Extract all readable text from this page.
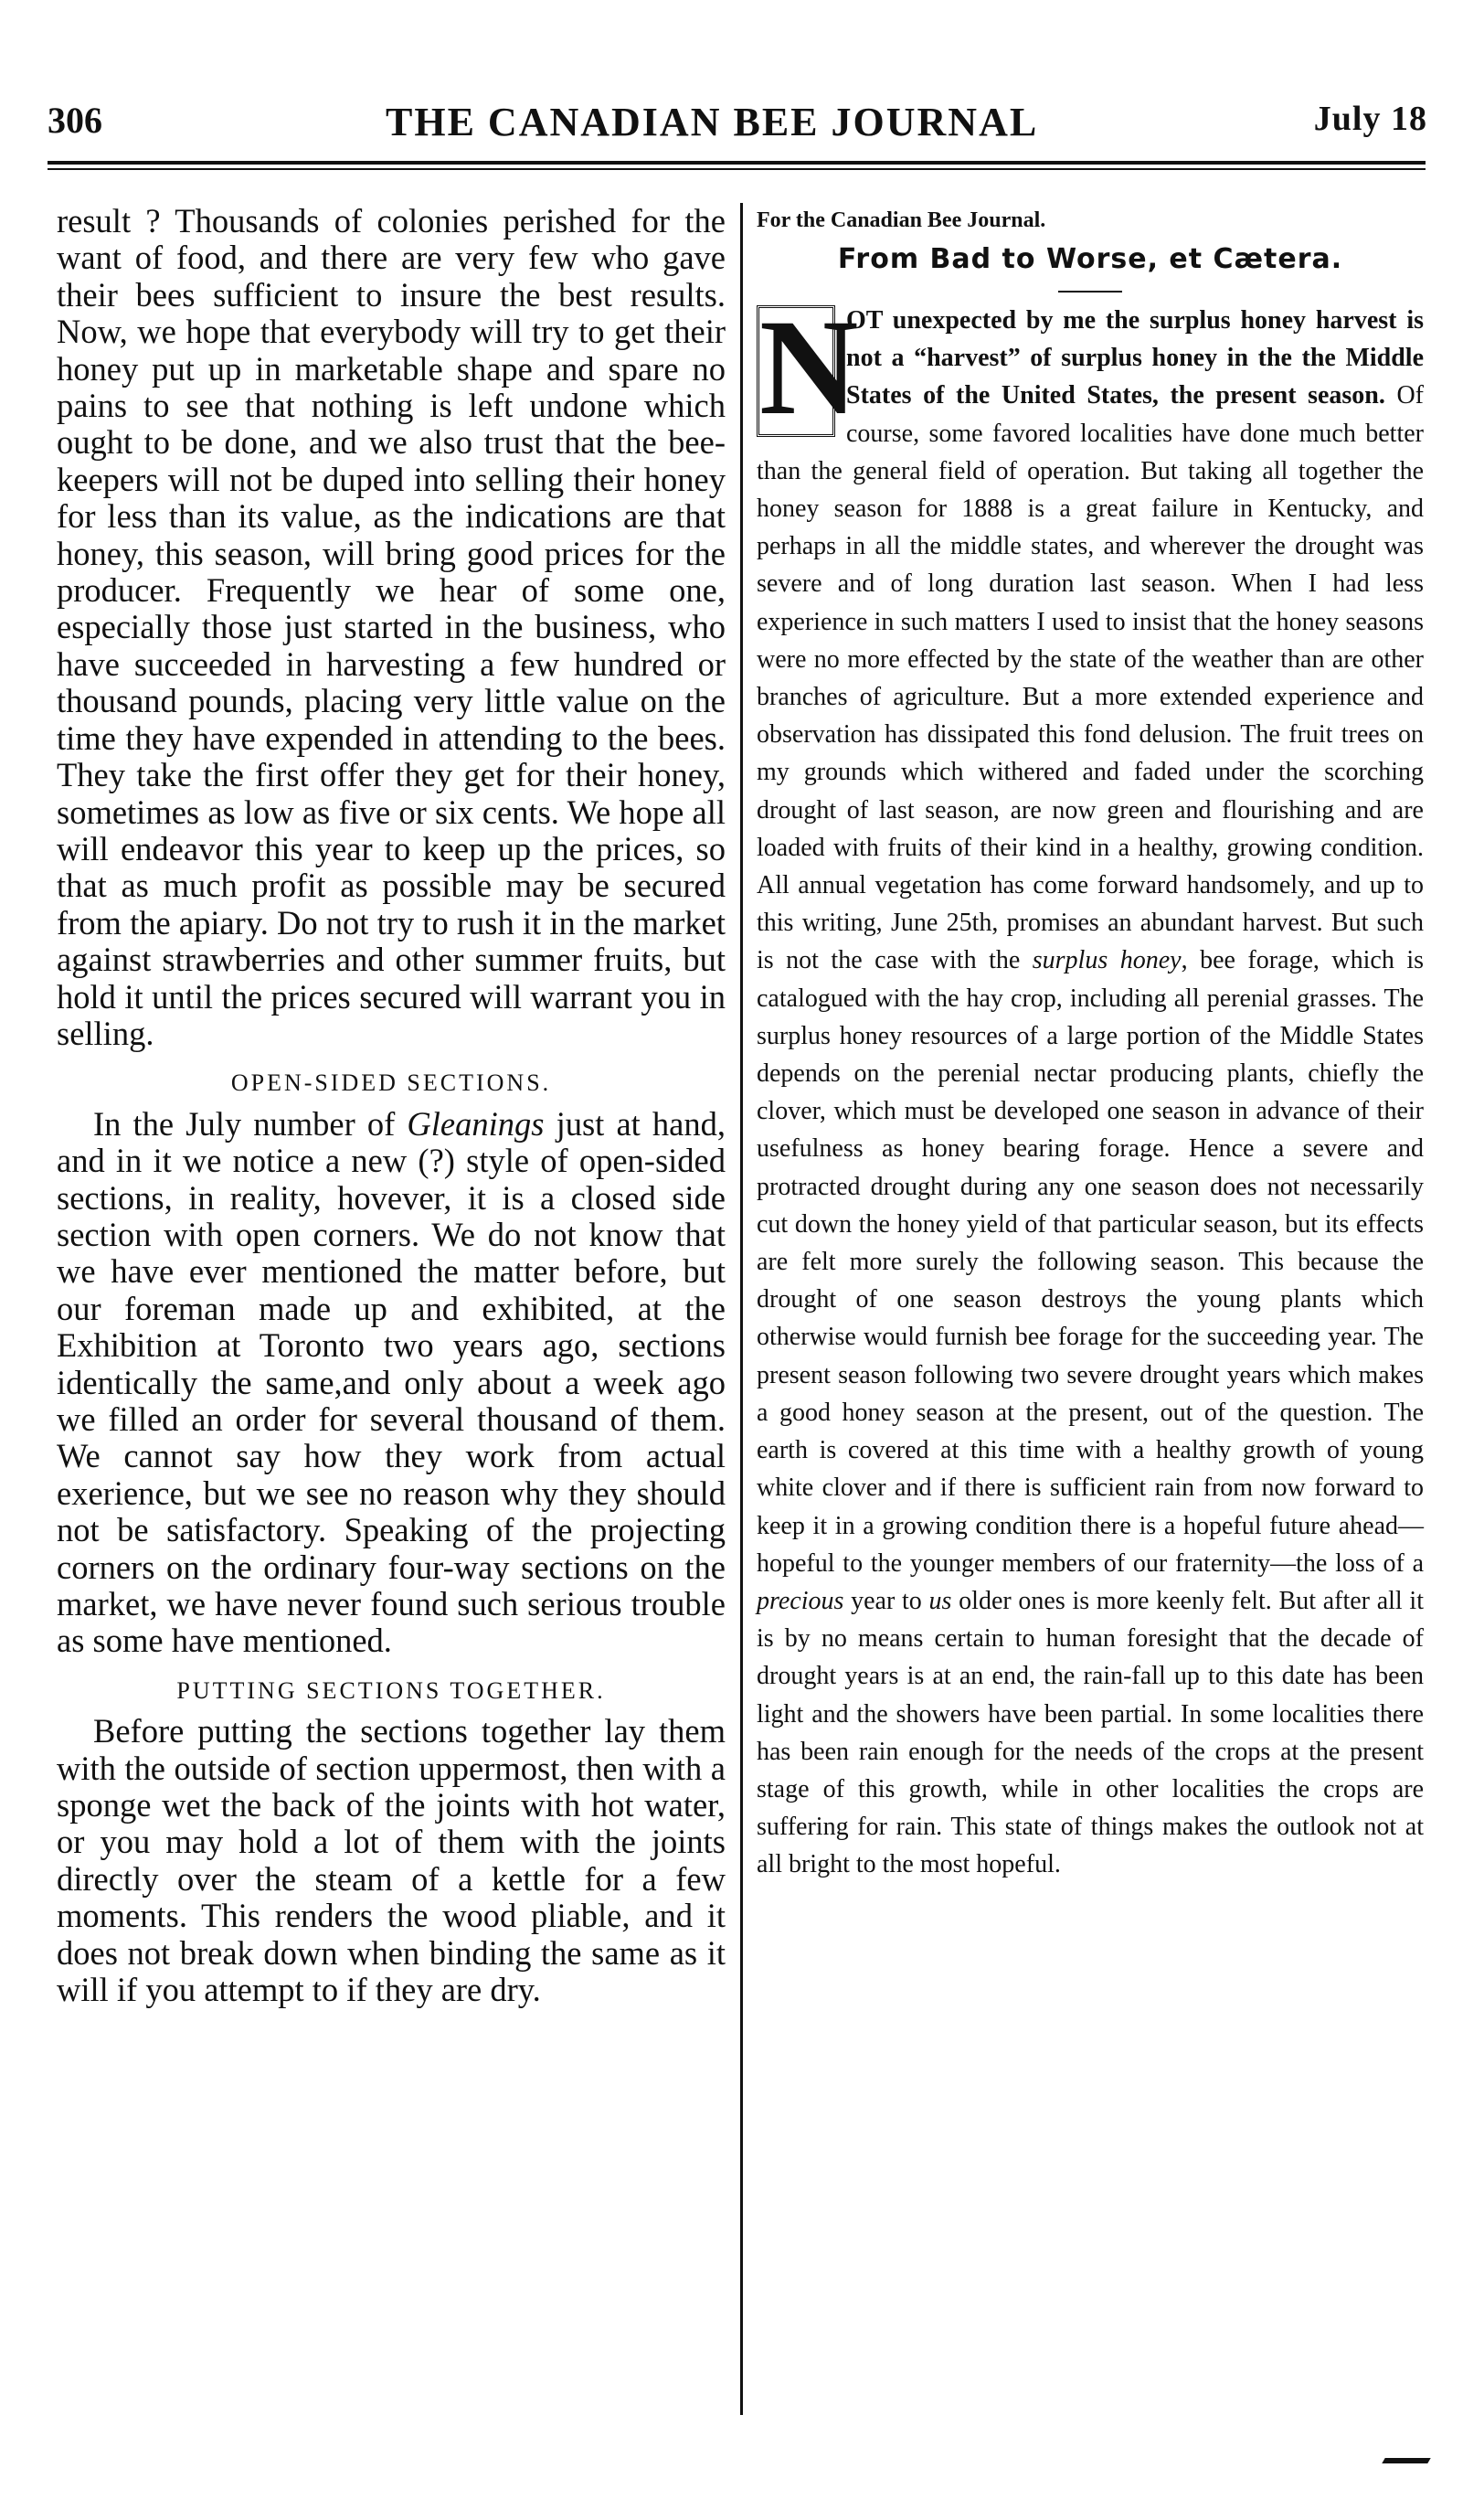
306	THE CANADIAN BEE JOURNAL	July 18

result ? Thousands of colonies perished for the want of food, and there are very few who gave their bees sufficient to insure the best results. Now, we hope that everybody will try to get their honey put up in marketable shape and spare no pains to see that nothing is left undone which ought to be done, and we also trust that the bee-keepers will not be duped into selling their honey for less than its value, as the indications are that honey, this season, will bring good prices for the producer. Frequently we hear of some one, especially those just started in the business, who have succeeded in harvesting a few hundred or thousand pounds, placing very little value on the time they have expended in attending to the bees. They take the first offer they get for their honey, sometimes as low as five or six cents. We hope all will endeavor this year to keep up the prices, so that as much profit as possible may be secured from the apiary. Do not try to rush it in the market against strawberries and other summer fruits, but hold it until the prices secured will warrant you in selling.

OPEN-SIDED SECTIONS.

In the July number of Gleanings just at hand, and in it we notice a new (?) style of open-sided sections, in reality, hovever, it is a closed side section with open corners. We do not know that we have ever mentioned the matter before, but our foreman made up and exhibited, at the Exhibition at Toronto two years ago, sections identically the same,and only about a week ago we filled an order for several thousand of them. We cannot say how they work from actual exerience, but we see no reason why they should not be satisfactory. Speaking of the projecting corners on the ordinary four-way sections on the market, we have never found such serious trouble as some have mentioned.

PUTTING SECTIONS TOGETHER.

Before putting the sections together lay them with the outside of section uppermost, then with a sponge wet the back of the joints with hot water, or you may hold a lot of them with the joints directly over the steam of a kettle for a few moments. This renders the wood pliable, and it does not break down when binding the same as it will if you attempt to if they are dry.

For the Canadian Bee Journal.

From Bad to Worse, et Cætera.

N
OT unexpected by me the surplus honey harvest is not a “harvest” of surplus honey in the the Middle States of the United States, the present season. Of course, some favored localities have done much better than the general field of operation. But taking all together the honey season for 1888 is a great failure in Kentucky, and perhaps in all the middle states, and wherever the drought was severe and of long duration last season. When I had less experience in such matters I used to insist that the honey seasons were no more effected by the state of the weather than are other branches of agriculture. But a more extended experience and observation has dissipated this fond delusion. The fruit trees on my grounds which withered and faded under the scorching drought of last season, are now green and flourishing and are loaded with fruits of their kind in a healthy, growing condition. All annual vegetation has come forward handsomely, and up to this writing, June 25th, promises an abundant harvest. But such is not the case with the surplus honey, bee forage, which is catalogued with the hay crop, including all perenial grasses. The surplus honey resources of a large portion of the Middle States depends on the perenial nectar producing plants, chiefly the clover, which must be developed one season in advance of their usefulness as honey bearing forage. Hence a severe and protracted drought during any one season does not necessarily cut down the honey yield of that particular season, but its effects are felt more surely the following season. This because the drought of one season destroys the young plants which otherwise would furnish bee forage for the succeeding year. The present season following two severe drought years which makes a good honey season at the present, out of the question. The earth is covered at this time with a healthy growth of young white clover and if there is sufficient rain from now forward to keep it in a growing condition there is a hopeful future ahead—hopeful to the younger members of our fraternity—the loss of a precious year to us older ones is more keenly felt. But after all it is by no means certain to human foresight that the decade of drought years is at an end, the rain-fall up to this date has been light and the showers have been partial. In some localities there has been rain enough for the needs of the crops at the present stage of this growth, while in other localities the crops are suffering for rain. This state of things makes the outlook not at all bright to the most hopeful.
